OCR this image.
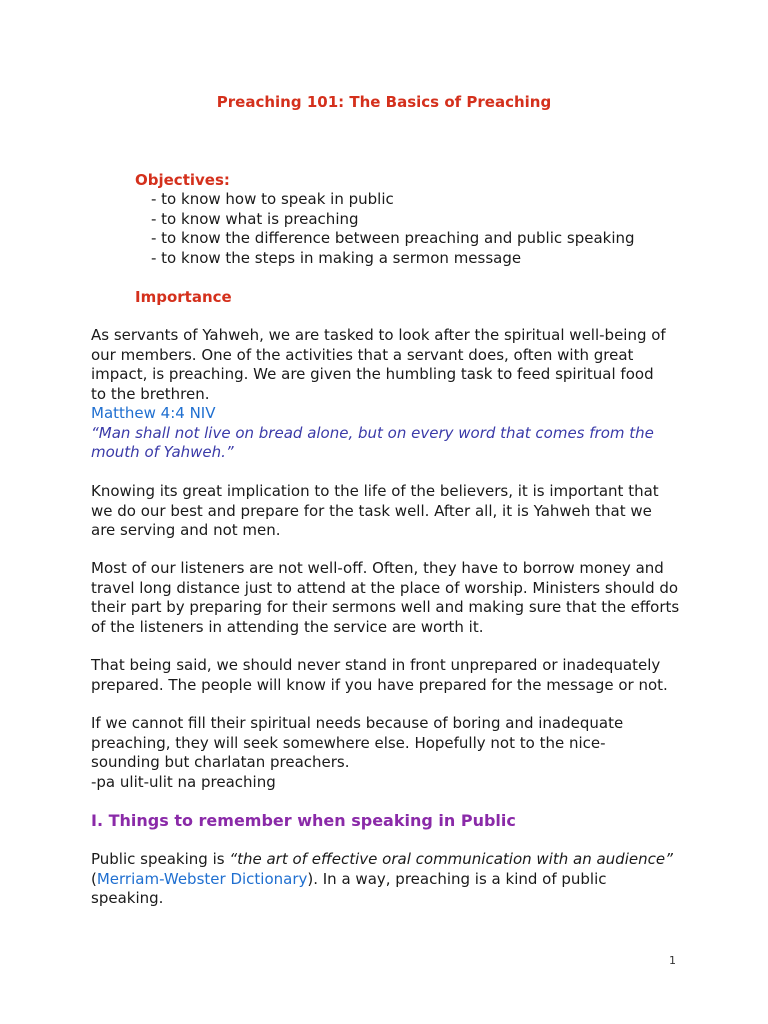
Preaching 101: The Basics of Preaching
Objectives:
- to know how to speak in public
- to know what is preaching
- to know the difference between preaching and public speaking
- to know the steps in making a sermon message
Importance

As servants of Yahweh, we are tasked to look after the spiritual well-being of our members. One of the activities that a servant does, often with great impact, is preaching. We are given the humbling task to feed spiritual food to the brethren.

Matthew 4:4 NIV

“Man shall not live on bread alone, but on every word that comes from the mouth of Yahweh.”

Knowing its great implication to the life of the believers, it is important that we do our best and prepare for the task well. After all, it is Yahweh that we are serving and not men.

Most of our listeners are not well-off. Often, they have to borrow money and travel long distance just to attend at the place of worship. Ministers should do their part by preparing for their sermons well and making sure that the efforts of the listeners in attending the service are worth it.

That being said, we should never stand in front unprepared or inadequately prepared. The people will know if you have prepared for the message or not.

If we cannot fill their spiritual needs because of boring and inadequate preaching, they will seek somewhere else. Hopefully not to the nice-sounding but charlatan preachers.

-pa ulit-ulit na preaching

I. Things to remember when speaking in Public

Public speaking is “the art of effective oral communication with an audience” (Merriam-Webster Dictionary). In a way, preaching is a kind of public speaking.

1
